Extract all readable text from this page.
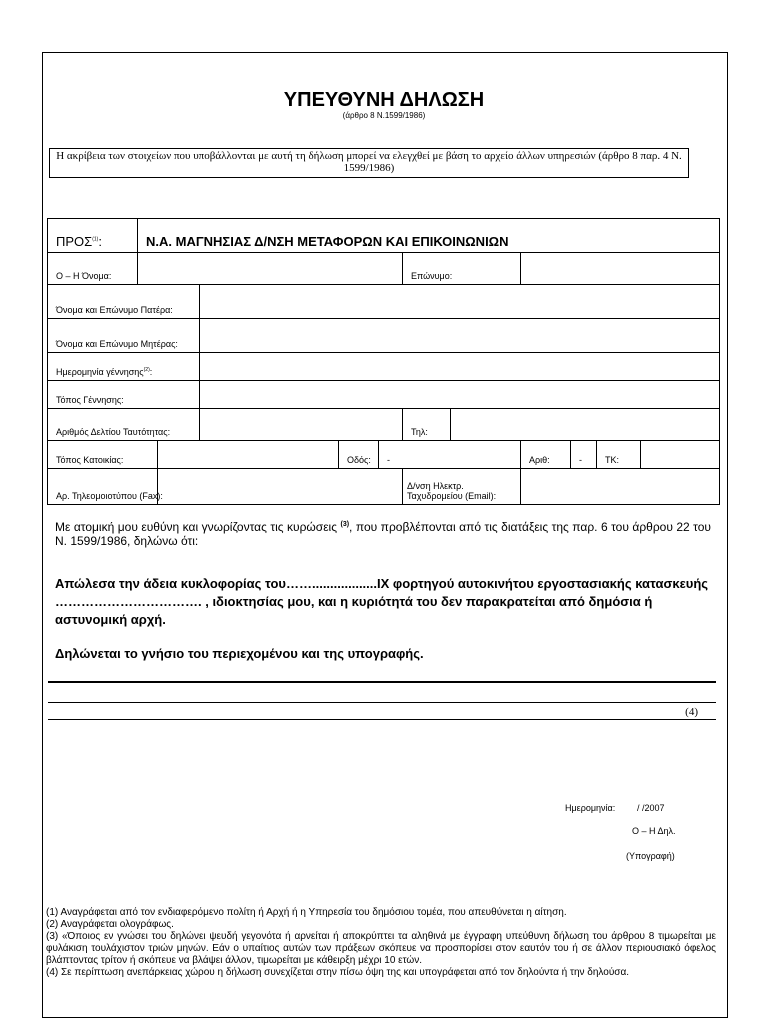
ΥΠΕΥΘΥΝΗ ΔΗΛΩΣΗ
(άρθρο 8 Ν.1599/1986)
Η ακρίβεια των στοιχείων που υποβάλλονται με αυτή τη δήλωση μπορεί να ελεγχθεί με βάση το αρχείο άλλων υπηρεσιών (άρθρο 8 παρ. 4 Ν. 1599/1986)
ΠΡΟΣ$^{(1)}$:	Ν.Α. ΜΑΓΝΗΣΙΑΣ Δ/ΝΣΗ ΜΕΤΑΦΟΡΩΝ ΚΑΙ ΕΠΙΚΟΙΝΩΝΙΩΝ										
Ο – Η Όνομα:						Επώνυμο:					
Όνομα και Επώνυμο Πατέρα:											
Όνομα και Επώνυμο Μητέρας:											
Ημερομηνία γέννησης$^{(2)}$:											
Τόπος Γέννησης:											
Αριθμός Δελτίου Ταυτότητας:						Τηλ:					
Τόπος Κατοικίας:				Οδός:	-			Αριθ:	-	ΤΚ:	
Αρ. Τηλεομοιοτύπου (Fax):						Δ/νση Ηλεκτρ. Ταχυδρομείου (Email):					
Με ατομική μου ευθύνη και γνωρίζοντας τις κυρώσεις $^{(3)}$, που προβλέπονται από τις διατάξεις της παρ. 6 του άρθρου 22 του Ν. 1599/1986, δηλώνω ότι:
Απώλεσα την άδεια κυκλοφορίας του……..................ΙΧ φορτηγού αυτοκινήτου εργοστασιακής κατασκευής ……………………………. , ιδιοκτησίας μου, και η κυριότητά του δεν παρακρατείται από δημόσια ή αστυνομική αρχή.
Δηλώνεται το γνήσιο του περιεχομένου και της υπογραφής.
(4)
Ημερομηνία: / /2007
Ο – Η Δηλ.
(Υπογραφή)
(1) Αναγράφεται από τον ενδιαφερόμενο πολίτη ή Αρχή ή η Υπηρεσία του δημόσιου τομέα, που απευθύνεται η αίτηση.
(2) Αναγράφεται ολογράφως.
(3) «Όποιος εν γνώσει του δηλώνει ψευδή γεγονότα ή αρνείται ή αποκρύπτει τα αληθινά με έγγραφη υπεύθυνη δήλωση του άρθρου 8 τιμωρείται με φυλάκιση τουλάχιστον τριών μηνών. Εάν ο υπαίτιος αυτών των πράξεων σκόπευε να προσπορίσει στον εαυτόν του ή σε άλλον περιουσιακό όφελος βλάπτοντας τρίτον ή σκόπευε να βλάψει άλλον, τιμωρείται με κάθειρξη μέχρι 10 ετών.
(4) Σε περίπτωση ανεπάρκειας χώρου η δήλωση συνεχίζεται στην πίσω όψη της και υπογράφεται από τον δηλούντα ή την δηλούσα.
